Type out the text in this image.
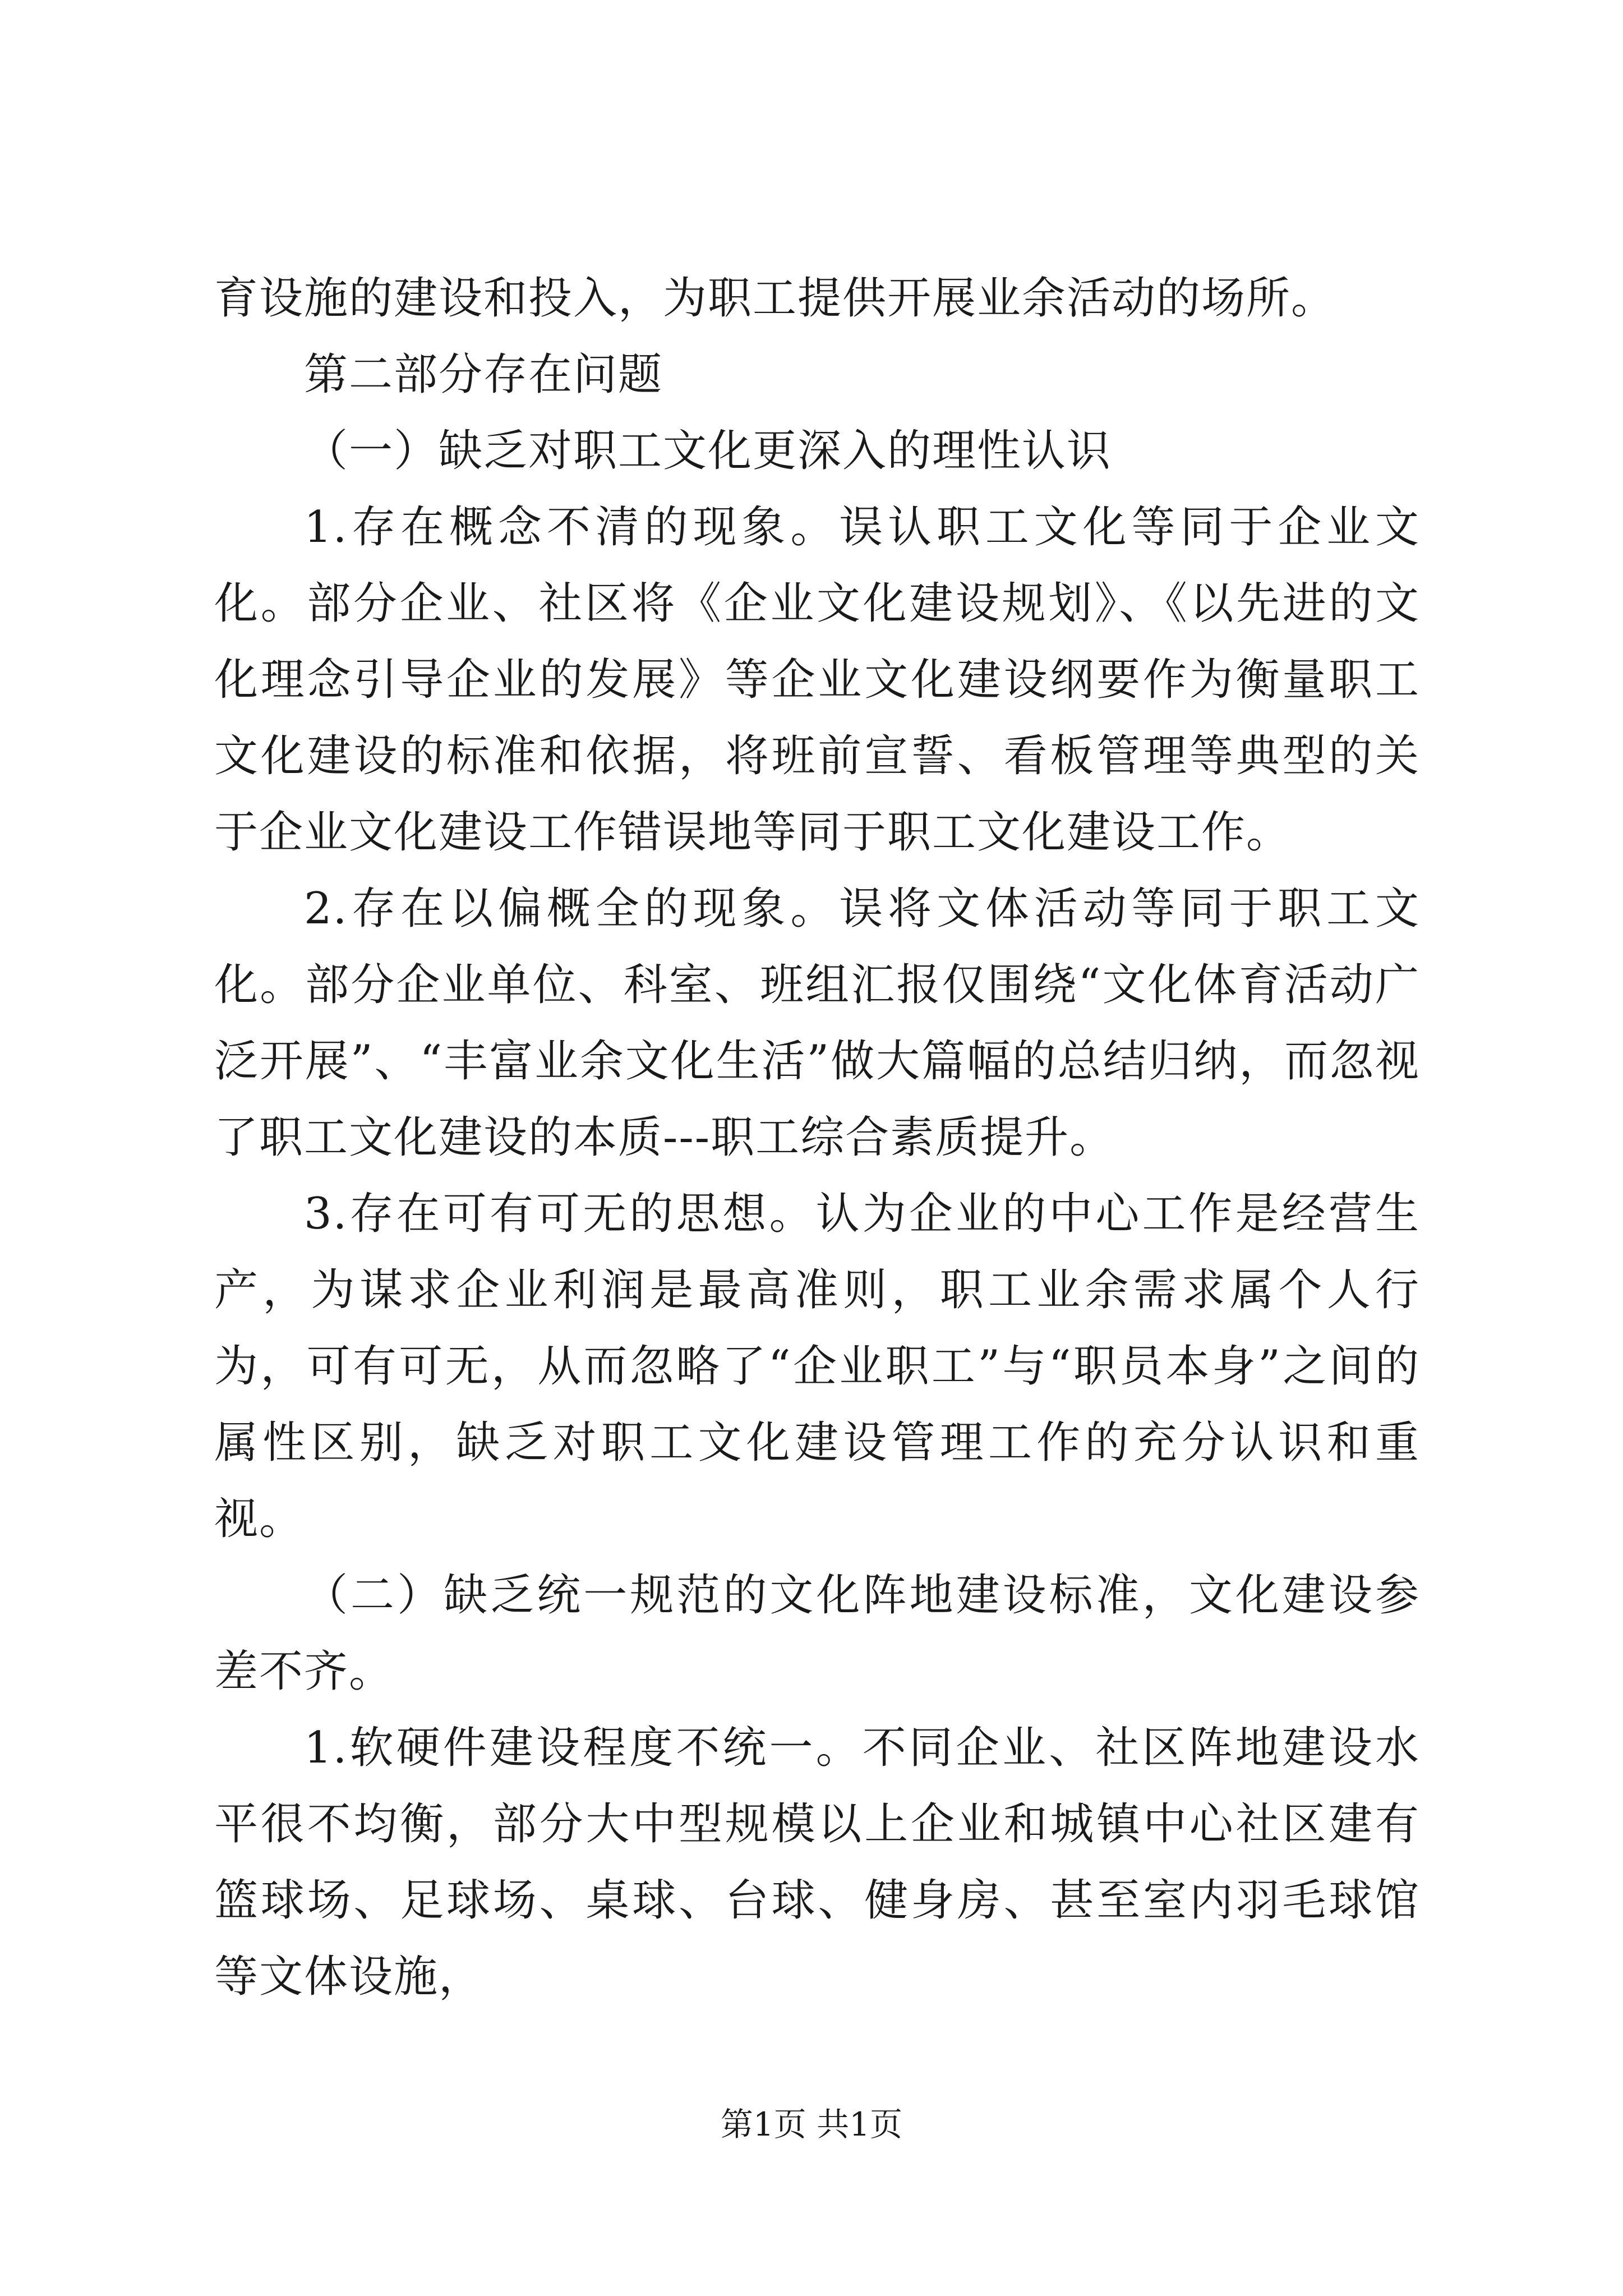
育设施的建设和投入，为职工提供开展业余活动的场所。

第二部分存在问题

（一）缺乏对职工文化更深入的理性认识

1.存在概念不清的现象。误认职工文化等同于企业文化。部分企业、社区将《企业文化建设规划》、《以先进的文化理念引导企业的发展》等企业文化建设纲要作为衡量职工文化建设的标准和依据，将班前宣誓、看板管理等典型的关于企业文化建设工作错误地等同于职工文化建设工作。

2.存在以偏概全的现象。误将文体活动等同于职工文化。部分企业单位、科室、班组汇报仅围绕“文化体育活动广泛开展”、“丰富业余文化生活”做大篇幅的总结归纳，而忽视了职工文化建设的本质---职工综合素质提升。

3.存在可有可无的思想。认为企业的中心工作是经营生产，为谋求企业利润是最高准则，职工业余需求属个人行为，可有可无，从而忽略了“企业职工”与“职员本身”之间的属性区别，缺乏对职工文化建设管理工作的充分认识和重视。

（二）缺乏统一规范的文化阵地建设标准，文化建设参差不齐。

1.软硬件建设程度不统一。不同企业、社区阵地建设水平很不均衡，部分大中型规模以上企业和城镇中心社区建有篮球场、足球场、桌球、台球、健身房、甚至室内羽毛球馆等文体设施，

第1页 共1页
